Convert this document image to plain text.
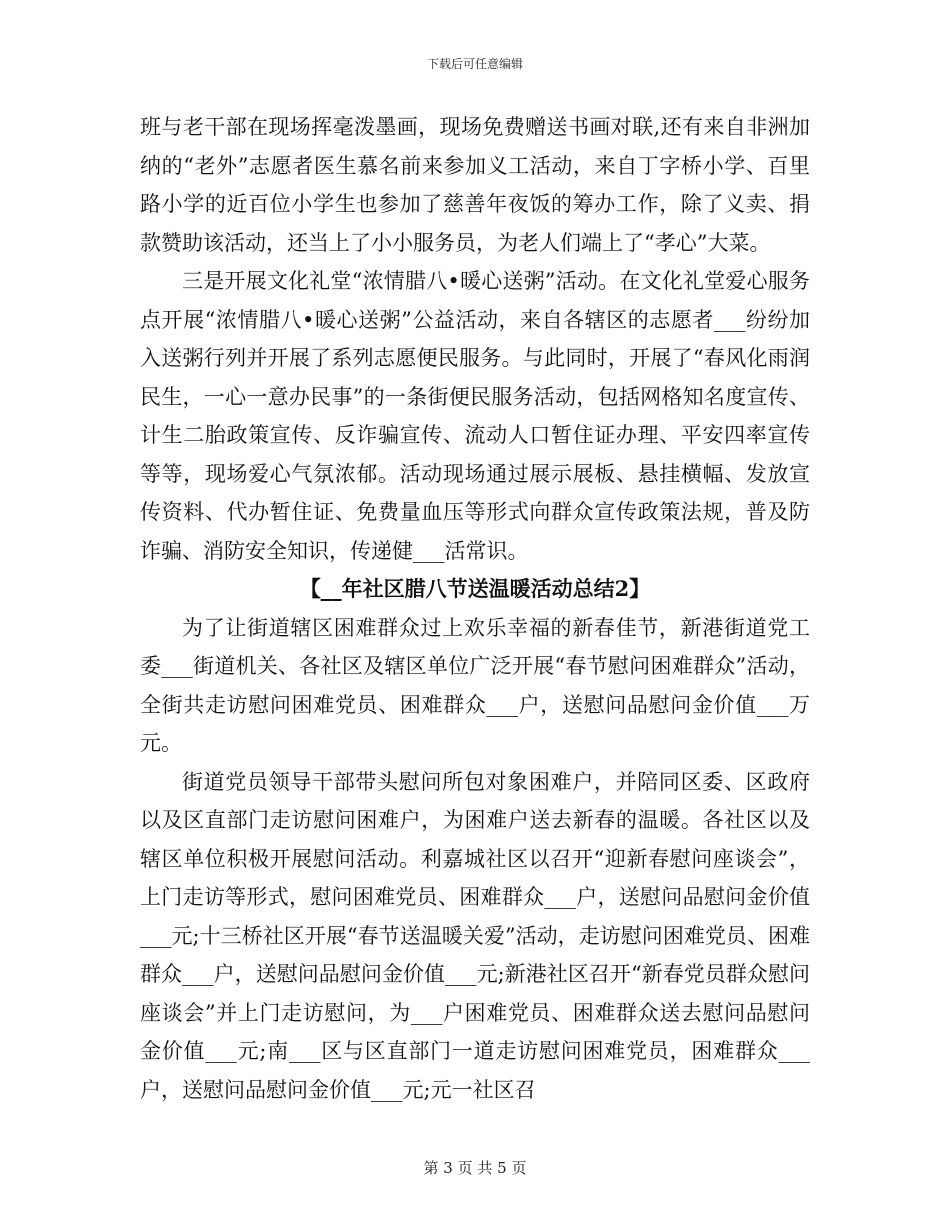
下载后可任意编辑

班与老干部在现场挥毫泼墨画，现场免费赠送书画对联,还有来自非洲加纳的“老外”志愿者医生慕名前来参加义工活动，来自丁字桥小学、百里路小学的近百位小学生也参加了慈善年夜饭的筹办工作，除了义卖、捐款赞助该活动，还当上了小小服务员，为老人们端上了“孝心”大菜。

三是开展文化礼堂“浓情腊八•暖心送粥”活动。在文化礼堂爱心服务点开展“浓情腊八•暖心送粥”公益活动，来自各辖区的志愿者___纷纷加入送粥行列并开展了系列志愿便民服务。与此同时，开展了“春风化雨润民生，一心一意办民事”的一条街便民服务活动，包括网格知名度宣传、计生二胎政策宣传、反诈骗宣传、流动人口暂住证办理、平安四率宣传等等，现场爱心气氛浓郁。活动现场通过展示展板、悬挂横幅、发放宣传资料、代办暂住证、免费量血压等形式向群众宣传政策法规，普及防诈骗、消防安全知识，传递健___活常识。

【__年社区腊八节送温暖活动总结2】

为了让街道辖区困难群众过上欢乐幸福的新春佳节，新港街道党工委___街道机关、各社区及辖区单位广泛开展“春节慰问困难群众”活动，全街共走访慰问困难党员、困难群众___户，送慰问品慰问金价值___万元。

街道党员领导干部带头慰问所包对象困难户，并陪同区委、区政府以及区直部门走访慰问困难户，为困难户送去新春的温暖。各社区以及辖区单位积极开展慰问活动。利嘉城社区以召开“迎新春慰问座谈会”，上门走访等形式，慰问困难党员、困难群众___户，送慰问品慰问金价值___元;十三桥社区开展“春节送温暖关爱”活动，走访慰问困难党员、困难群众___户，送慰问品慰问金价值___元;新港社区召开“新春党员群众慰问座谈会”并上门走访慰问，为___户困难党员、困难群众送去慰问品慰问金价值___元;南___区与区直部门一道走访慰问困难党员，困难群众___户，送慰问品慰问金价值___元;元一社区召

第 3 页 共 5 页
